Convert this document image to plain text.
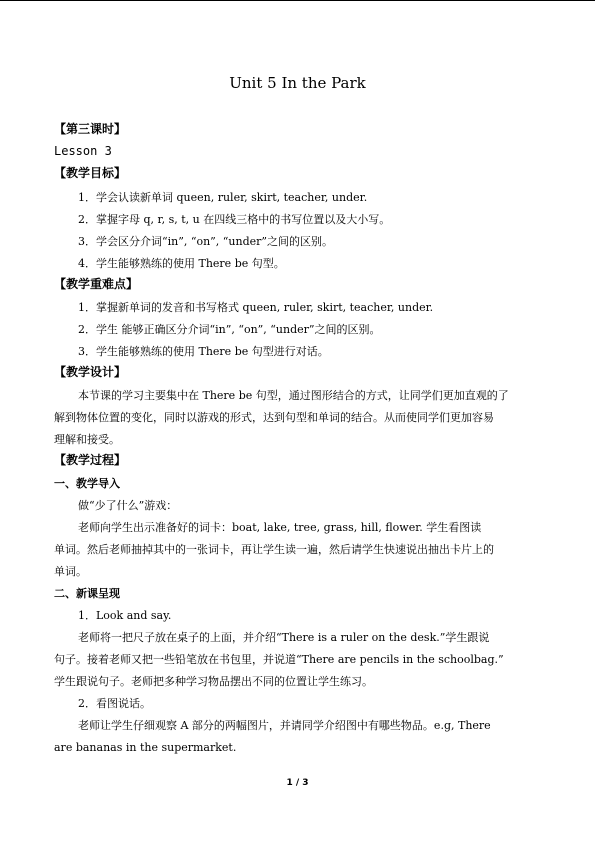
Unit 5 In the Park
【第三课时】
Lesson 3
【教学目标】
1．学会认读新单词 queen, ruler, skirt, teacher, under.
2．掌握字母 q, r, s, t, u 在四线三格中的书写位置以及大小写。
3．学会区分介词“in”, “on”, “under”之间的区别。
4．学生能够熟练的使用 There be 句型。
【教学重难点】
1．掌握新单词的发音和书写格式 queen, ruler, skirt, teacher, under.
2．学生 能够正确区分介词“in”, “on”, “under”之间的区别。
3．学生能够熟练的使用 There be 句型进行对话。
【教学设计】
本节课的学习主要集中在 There be 句型，通过图形结合的方式，让同学们更加直观的了
解到物体位置的变化，同时以游戏的形式，达到句型和单词的结合。从而使同学们更加容易
理解和接受。
【教学过程】
一、教学导入
做“少了什么”游戏：
老师向学生出示准备好的词卡：boat, lake, tree, grass, hill, flower. 学生看图读
单词。然后老师抽掉其中的一张词卡，再让学生读一遍，然后请学生快速说出抽出卡片上的
单词。
二、新课呈现
1．Look and say.
老师将一把尺子放在桌子的上面，并介绍“There is a ruler on the desk.”学生跟说
句子。接着老师又把一些铅笔放在书包里，并说道“There are pencils in the schoolbag.”
学生跟说句子。老师把多种学习物品摆出不同的位置让学生练习。
2．看图说话。
老师让学生仔细观察 A 部分的两幅图片，并请同学介绍图中有哪些物品。e.g, There
are bananas in the supermarket.
1 / 3
